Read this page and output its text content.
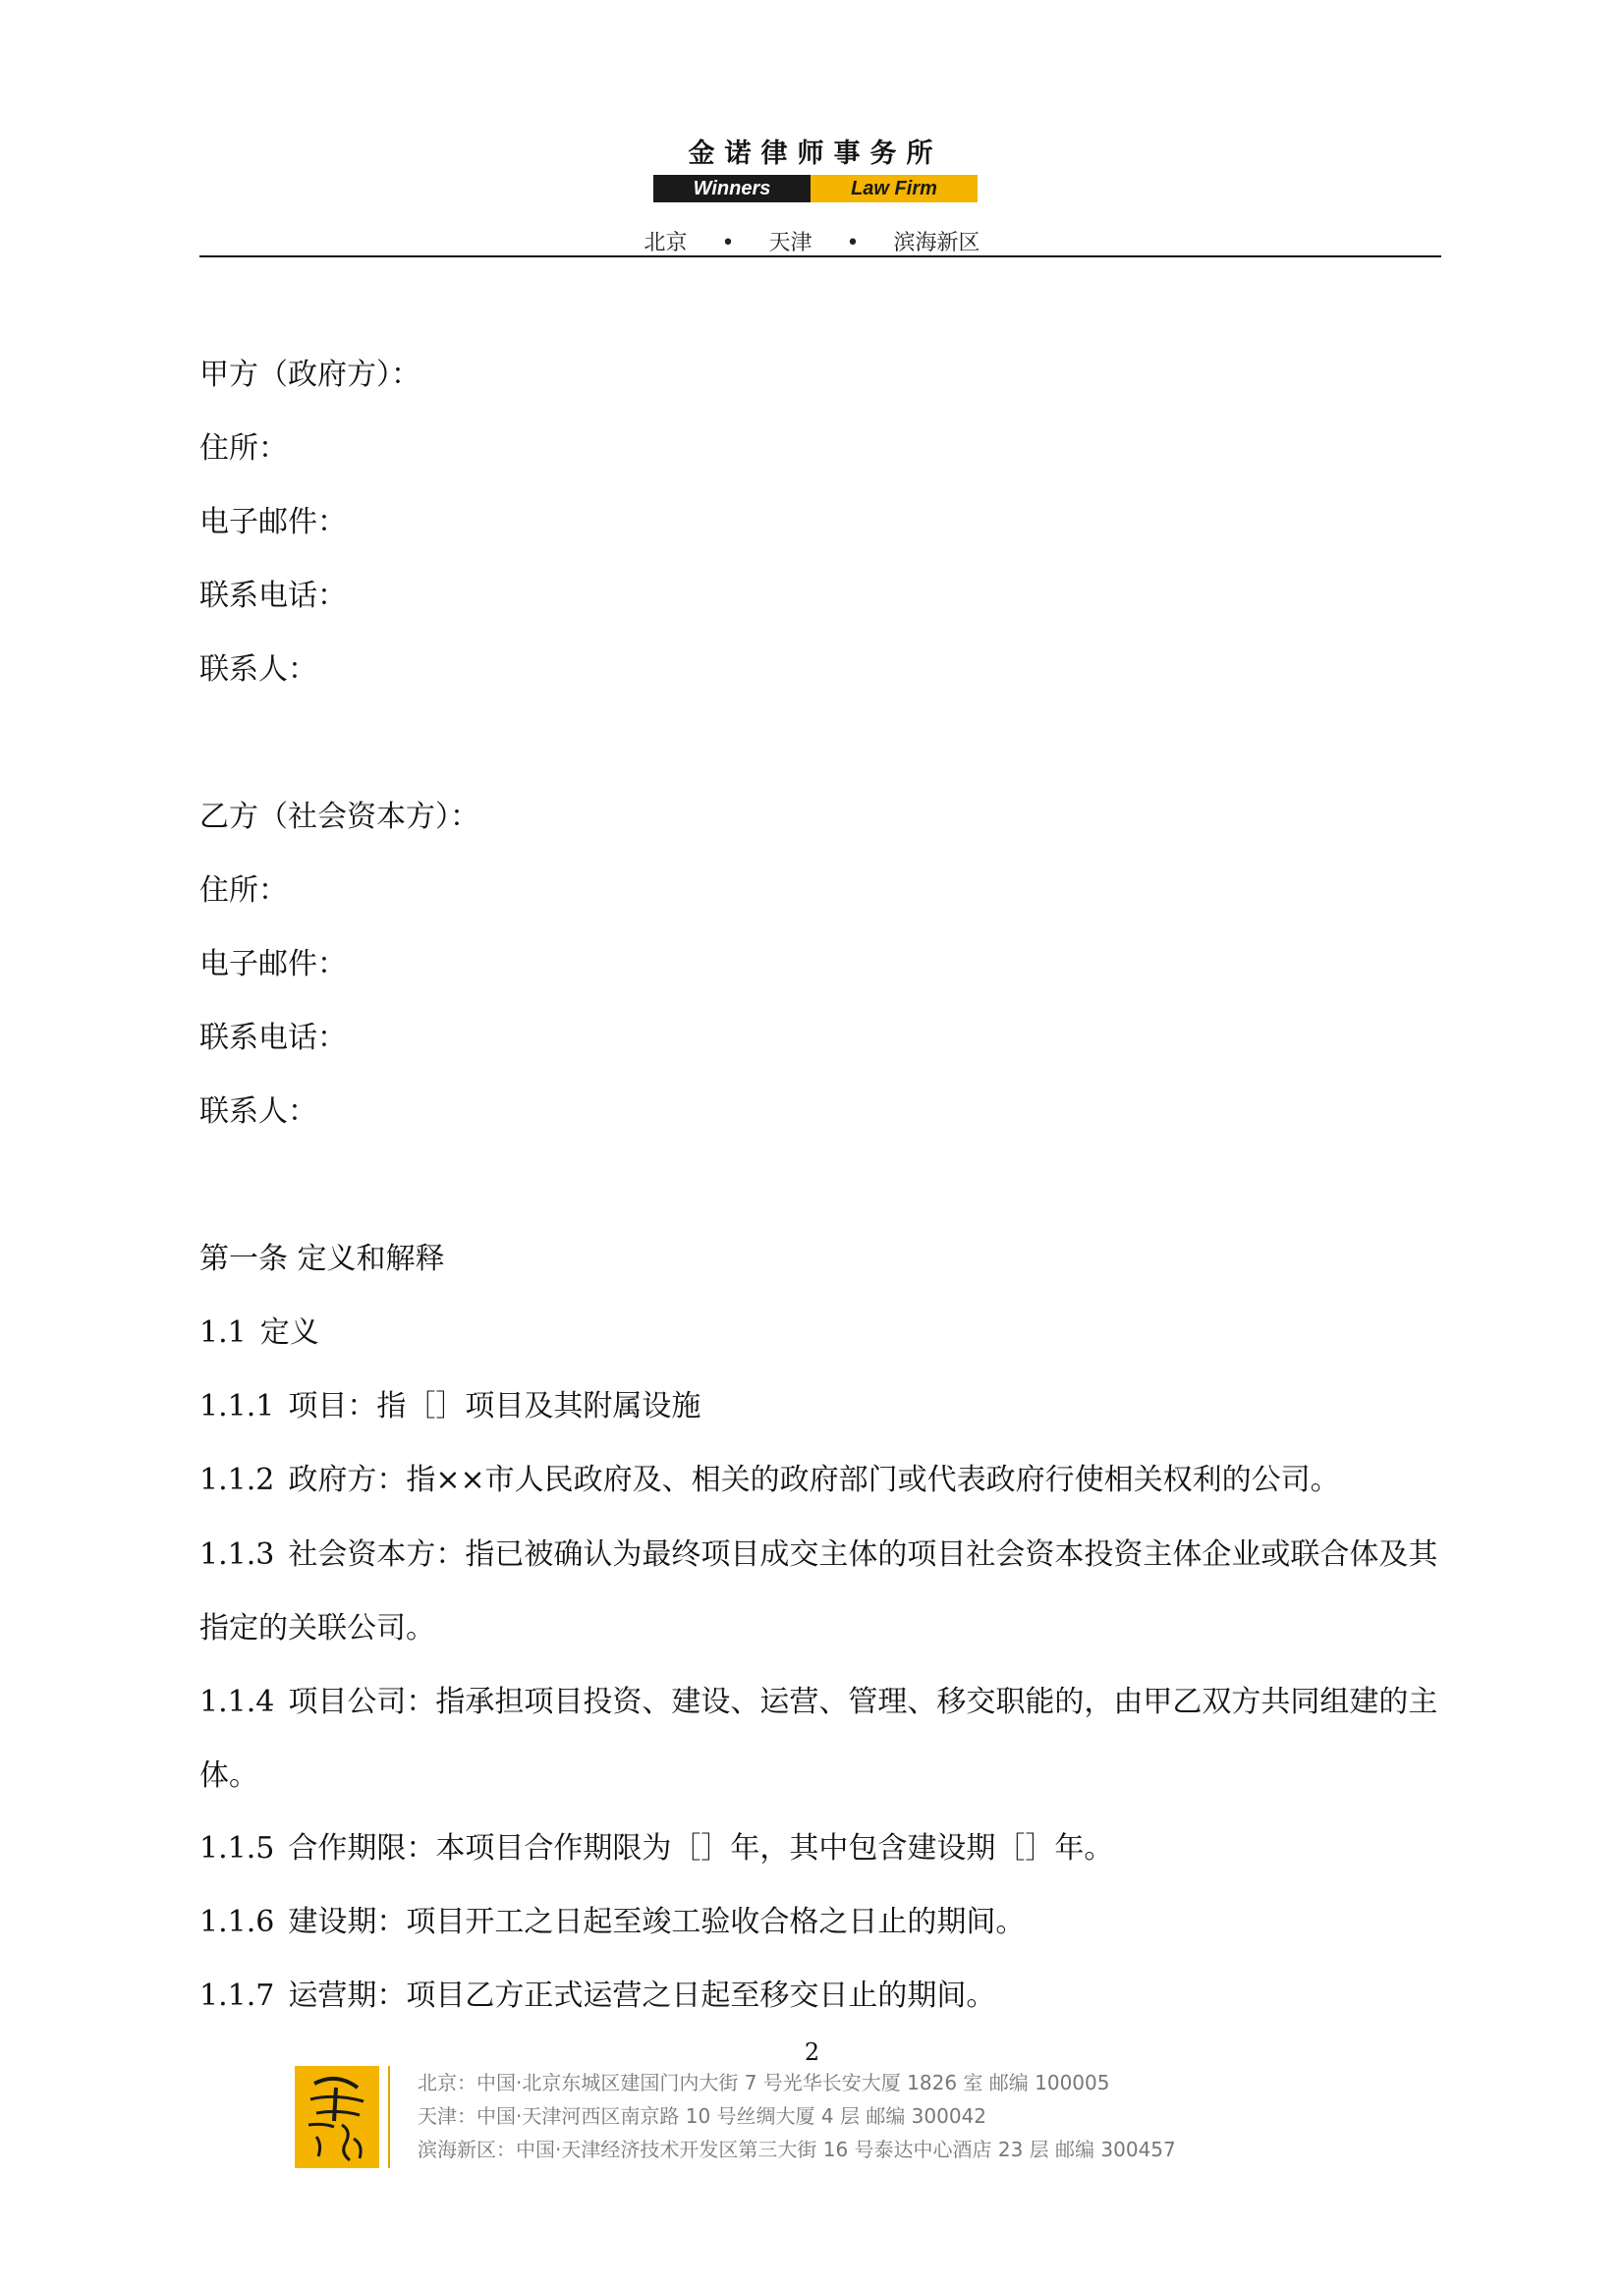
金诺律师事务所
Winners	Law Firm
北京 • 天津 • 滨海新区
甲方（政府方）：
住所：
电子邮件：
联系电话：
联系人：
乙方（社会资本方）：
住所：
电子邮件：
联系电话：
联系人：
第一条 定义和解释
1.1 定义
1.1.1 项目：指［］项目及其附属设施
1.1.2 政府方：指××市人民政府及、相关的政府部门或代表政府行使相关权利的公司。
1.1.3 社会资本方：指已被确认为最终项目成交主体的项目社会资本投资主体企业或联合体及其指定的关联公司。
1.1.4 项目公司：指承担项目投资、建设、运营、管理、移交职能的，由甲乙双方共同组建的主体。
1.1.5 合作期限：本项目合作期限为［］年，其中包含建设期［］年。
1.1.6 建设期：项目开工之日起至竣工验收合格之日止的期间。
1.1.7 运营期：项目乙方正式运营之日起至移交日止的期间。
2
北京：中国·北京东城区建国门内大街 7 号光华长安大厦 1826 室 邮编 100005
天津：中国·天津河西区南京路 10 号丝绸大厦 4 层 邮编 300042
滨海新区：中国·天津经济技术开发区第三大街 16 号泰达中心酒店 23 层 邮编 300457
